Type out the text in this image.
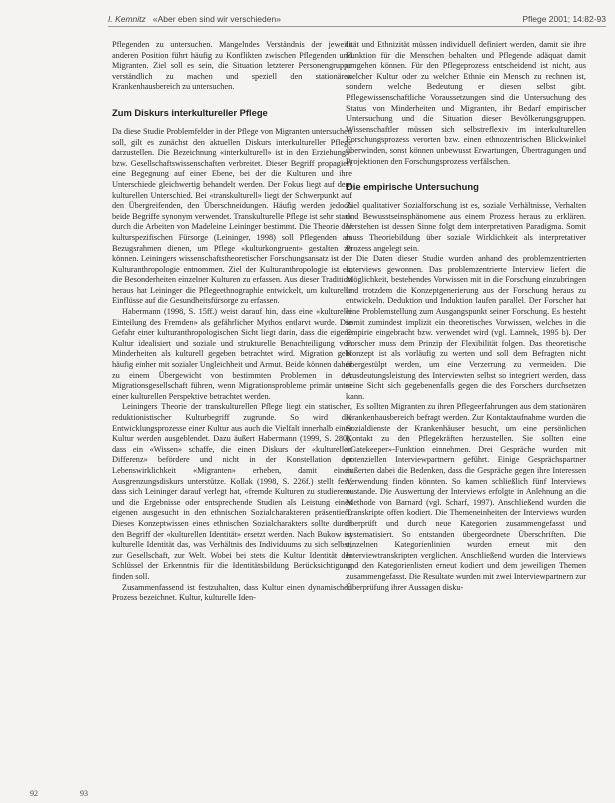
I. Kemnitz «Aber eben sind wir verschieden»	Pflege 2001; 14:82-93

Pflegenden zu untersuchen. Mangelndes Verständnis der jeweils anderen Position führt häufig zu Konflikten zwischen Pflegenden und Migranten. Ziel soll es sein, die Situation letzterer Personengruppe verständlich zu machen und speziell den stationären Krankenhausbereich zu untersuchen.

Zum Diskurs interkultureller Pflege

Da diese Studie Problemfelder in der Pflege von Migranten untersuchen soll, gilt es zunächst den aktuellen Diskurs interkultureller Pflege darzustellen. Die Bezeichnung «interkulturell» ist in den Erziehungs- bzw. Gesellschaftswissenschaften verbreitet. Dieser Begriff propagiert eine Begegnung auf einer Ebene, bei der die Kulturen und ihre Unterschiede gleichwertig behandelt werden. Der Fokus liegt auf dem kulturellen Unterschied. Bei «transkulturell» liegt der Schwerpunkt auf den Übergreifenden, den Überschneidungen. Häufig werden jedoch beide Begriffe synonym verwendet. Transkulturelle Pflege ist sehr stark durch die Arbeiten von Madeleine Leininger bestimmt. Die Theorie der kulturspezifischen Fürsorge (Leininger, 1998) soll Pflegenden als Bezugsrahmen dienen, um Pflege «kulturkongruent» gestalten zu können. Leiningers wissenschaftstheoretischer Forschungsansatz ist der Kulturanthropologie entnommen. Ziel der Kulturanthropologie ist es, die Besonderheiten einzelner Kulturen zu erfassen. Aus dieser Tradition heraus hat Leininger die Pflegeethnographie entwickelt, um kulturelle Einflüsse auf die Gesundheitsfürsorge zu erfassen.

Habermann (1998, S. 15ff.) weist darauf hin, dass eine «kulturelle Einteilung des Fremden» als gefährlicher Mythos entlarvt wurde. Die Gefahr einer kulturanthropologischen Sicht liegt darin, dass die eigene Kultur idealisiert und soziale und strukturelle Benachteiligung von Minderheiten als kulturell gegeben betrachtet wird. Migration geht häufig einher mit sozialer Ungleichheit und Armut. Beide können daher zu einem Übergewicht von bestimmten Problemen in der Migrationsgesellschaft führen, wenn Migrationsprobleme primär unter einer kulturellen Perspektive betrachtet werden.

Leiningers Theorie der transkulturellen Pflege liegt ein statischer, reduktionistischer Kulturbegriff zugrunde. So wird die Entwicklungsprozesse einer Kultur aus auch die Vielfalt innerhalb einer Kultur werden ausgeblendet. Dazu äußert Habermann (1999, S. 280), dass ein «Wissen» schaffe, die einen Diskurs der «kulturellen Differenz» befördere und nicht in der Konstellation der Lebenswirklichkeit «Migranten» erheben, damit einen Ausgrenzungsdiskurs unterstütze. Kollak (1998, S. 226f.) stellt fest, dass sich Leininger darauf verlegt hat, «fremde Kulturen zu studieren» und die Ergebnisse oder entsprechende Studien als Leistung eines eigenen ausgesucht in den ethnischen Sozialcharakteren präsentiert. Dieses Konzeptwissen eines ethnischen Sozialcharakters sollte durch den Begriff der «kulturellen Identität» ersetzt werden. Nach Bukow ist kulturelle Identität das, was Verhältnis des Individuums zu sich selbst, zur Gesellschaft, zur Welt. Wobei bei stets die Kultur Identität der Schlüssel der Erkenntnis für die Identitätsbildung Berücksichtigung finden soll.

Zusammenfassend ist festzuhalten, dass Kultur einen dynamischen Prozess bezeichnet. Kultur, kulturelle Iden-

tität und Ethnizität müssen individuell definiert werden, damit sie ihre Funktion für die Menschen behalten und Pflegende adäquat damit umgehen können. Für den Pflegeprozess entscheidend ist nicht, aus welcher Kultur oder zu welcher Ethnie ein Mensch zu rechnen ist, sondern welche Bedeutung er diesen selbst gibt. Pflegewissenschaftliche Voraussetzungen sind die Untersuchung des Status von Minderheiten und Migranten, ihr Bedarf empirischer Untersuchung und die Situation dieser Bevölkerungsgruppen. Wissenschaftler müssen sich selbstreflexiv im interkulturellen Forschungsprozess verorten bzw. einen ethnozentrischen Blickwinkel überwinden, sonst können unbewusst Erwartungen, Übertragungen und Projektionen den Forschungsprozess verfälschen.

Die empirische Untersuchung

Ziel qualitativer Sozialforschung ist es, soziale Verhältnisse, Verhalten und Bewusstseinsphänomene aus einem Prozess heraus zu erklären. Verstehen ist dessen Sinne folgt dem interpretativen Paradigma. Somit muss Theoriebildung über soziale Wirklichkeit als interpretativer Prozess angelegt sein.

Die Daten dieser Studie wurden anhand des problemzentrierten Interviews gewonnen. Das problemzentrierte Interview liefert die Möglichkeit, bestehendes Vorwissen mit in die Forschung einzubringen und trotzdem die Konzeptgenerierung aus der Forschung heraus zu entwickeln. Deduktion und Induktion laufen parallel. Der Forscher hat eine Problemstellung zum Ausgangspunkt seiner Forschung. Es besteht somit zumindest implizit ein theoretisches Vorwissen, welches in die Empirie eingebracht bzw. verwendet wird (vgl. Lamnek, 1995 b). Der Forscher muss dem Prinzip der Flexibilität folgen. Das theoretische Konzept ist als vorläufig zu werten und soll dem Befragten nicht übergestülpt werden, um eine Verzerrung zu vermeiden. Die Ausdeutungsleistung des Interviewten selbst so integriert werden, dass seine Sicht sich gegebenenfalls gegen die des Forschers durchsetzen kann.

Es sollten Migranten zu ihren Pflegeerfahrungen aus dem stationären Krankenhausbereich befragt werden. Zur Kontaktaufnahme wurden die Sozialdienste der Krankenhäuser besucht, um eine persönlichen Kontakt zu den Pflegekräften herzustellen. Sie sollten eine «Gatekeeper»-Funktion einnehmen. Drei Gespräche wurden mit potenziellen Interviewpartnern geführt. Einige Gesprächspartner äußerten dabei die Bedenken, dass die Gespräche gegen ihre Interessen Verwendung finden könnten. So kamen schließlich fünf Interviews zustande. Die Auswertung der Interviews erfolgte in Anlehnung an die Methode von Barnard (vgl. Scharf, 1997). Anschließend wurden die Transkripte offen kodiert. Die Themeneinheiten der Interviews wurden überprüft und durch neue Kategorien zusammengefasst und systematisiert. So entstanden übergeordnete Überschriften. Die einzelnen Kategorienlinien wurden erneut mit den Interviewtranskripten verglichen. Anschließend wurden die Interviews und den Kategorienlisten erneut kodiert und dem jeweiligen Themen zusammengefasst. Die Resultate wurden mit zwei Interviewpartnern zur Überprüfung ihrer Aussagen disku-

92	93
